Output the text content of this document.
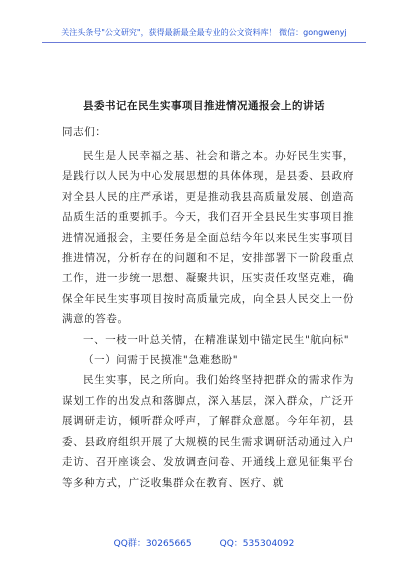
关注头条号"公文研究"，获得最新最全最专业的公文资料库！ 微信：gongwenyj
县委书记在民生实事项目推进情况通报会上的讲话
同志们：

民生是人民幸福之基、社会和谐之本。办好民生实事，是践行以人民为中心发展思想的具体体现，是县委、县政府对全县人民的庄严承诺，更是推动我县高质量发展、创造高品质生活的重要抓手。今天，我们召开全县民生实事项目推进情况通报会，主要任务是全面总结今年以来民生实事项目推进情况，分析存在的问题和不足，安排部署下一阶段重点工作，进一步统一思想、凝聚共识，压实责任攻坚克难，确保全年民生实事项目按时高质量完成，向全县人民交上一份满意的答卷。

一、一枝一叶总关情，在精准谋划中锚定民生"航向标"

（一）问需于民摸准"急难愁盼"

民生实事，民之所向。我们始终坚持把群众的需求作为谋划工作的出发点和落脚点，深入基层，深入群众，广泛开展调研走访，倾听群众呼声，了解群众意愿。今年年初，县委、县政府组织开展了大规模的民生需求调研活动通过入户走访、召开座谈会、发放调查问卷、开通线上意见征集平台等多种方式，广泛收集群众在教育、医疗、就

QQ群：30265665	QQ：535304092
